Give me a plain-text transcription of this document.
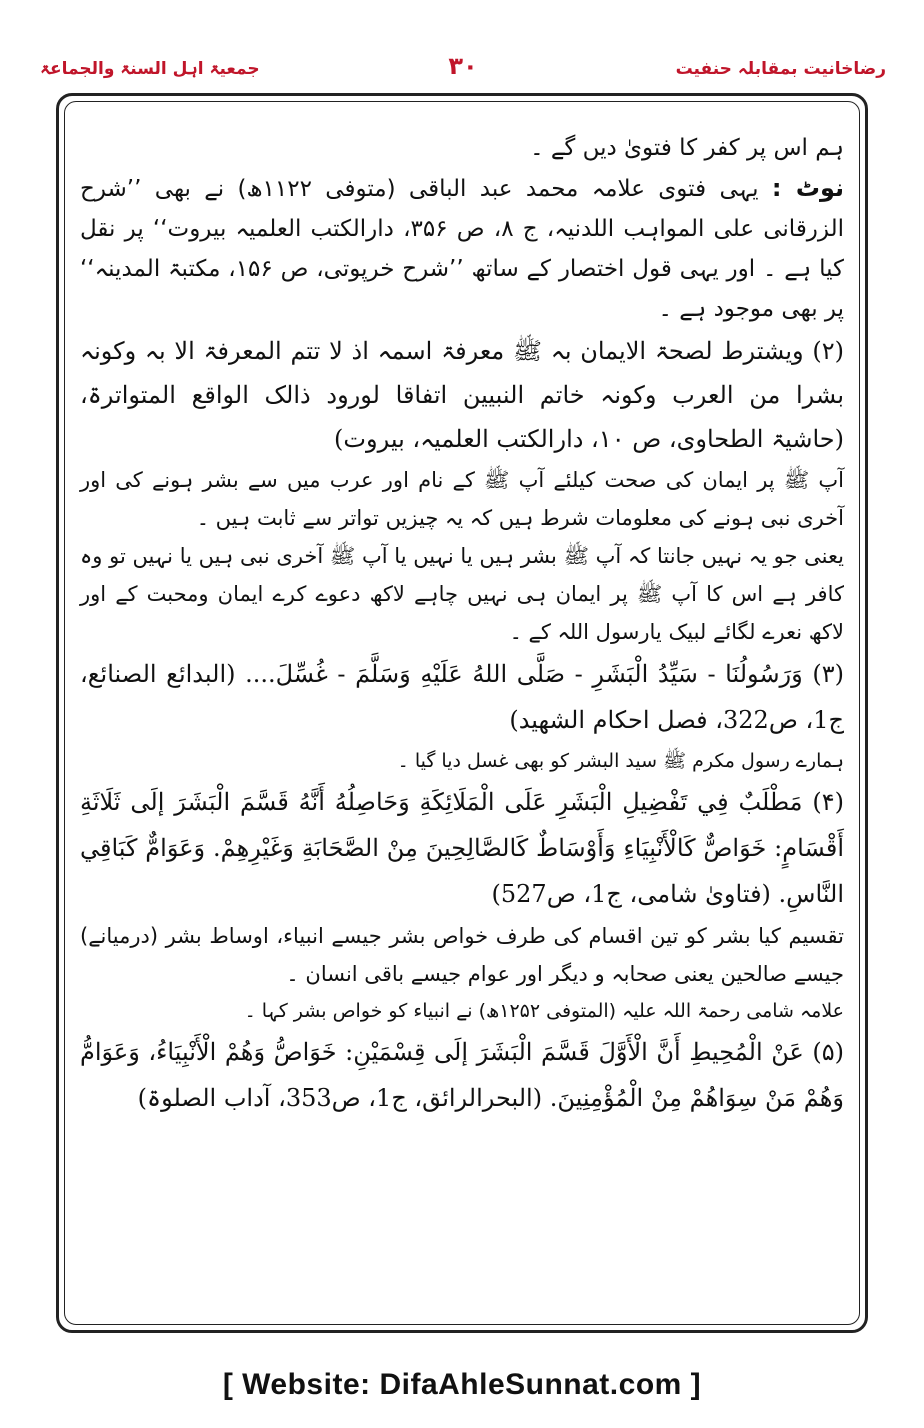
رضاخانیت بمقابلہ حنفیت
۳۰
جمعیۃ اہل السنۃ والجماعۃ

ہم اس پر کفر کا فتویٰ دیں گے ۔

نوٹ : یہی فتوی علامہ محمد عبد الباقی (متوفی ۱۱۲۲ھ) نے بھی ’’شرح الزرقانی علی المواہب اللدنیہ، ج ۸، ص ۳۵۶، دارالکتب العلمیہ بیروت‘‘ پر نقل کیا ہے ۔ اور یہی قول اختصار کے ساتھ ’’شرح خرپوتی، ص ۱۵۶، مکتبۃ المدینہ‘‘ پر بھی موجود ہے ۔

(۲) ویشترط لصحۃ الایمان بہ ﷺ معرفۃ اسمہ اذ لا تتم المعرفۃ الا بہ وکونہ بشرا من العرب وکونہ خاتم النبیین اتفاقا لورود ذالک الواقع المتواترۃ، (حاشیۃ الطحاوی، ص ۱۰، دارالکتب العلمیہ، بیروت)

آپ ﷺ پر ایمان کی صحت کیلئے آپ ﷺ کے نام اور عرب میں سے بشر ہونے کی اور آخری نبی ہونے کی معلومات شرط ہیں کہ یہ چیزیں تواتر سے ثابت ہیں ۔

یعنی جو یہ نہیں جانتا کہ آپ ﷺ بشر ہیں یا نہیں یا آپ ﷺ آخری نبی ہیں یا نہیں تو وہ کافر ہے اس کا آپ ﷺ پر ایمان ہی نہیں چاہے لاکھ دعوے کرے ایمان ومحبت کے اور لاکھ نعرے لگائے لبیک یارسول اللہ کے ۔

(۳) وَرَسُولُنَا - سَيِّدُ الْبَشَرِ - صَلَّى اللهُ عَلَيْهِ وَسَلَّمَ - غُسِّلَ.... (البدائع الصنائع، ج1، ص322، فصل احکام الشھید)

ہمارے رسول مکرم ﷺ سید البشر کو بھی غسل دیا گیا ۔

(۴) مَطْلَبٌ فِي تَفْضِيلِ الْبَشَرِ عَلَى الْمَلَائِكَةِ وَحَاصِلُهُ أَنَّهُ قَسَّمَ الْبَشَرَ إلَى ثَلَاثَةِ أَقْسَامٍ: خَوَاصٌّ كَالْأَنْبِيَاءِ وَأَوْسَاطٌ كَالصَّالِحِينَ مِنْ الصَّحَابَةِ وَغَيْرِهِمْ. وَعَوَامٌّ كَبَاقِي النَّاسِ. (فتاویٰ شامی، ج1، ص527)

تقسیم کیا بشر کو تین اقسام کی طرف خواص بشر جیسے انبیاء، اوساط بشر (درمیانے) جیسے صالحین یعنی صحابہ و دیگر اور عوام جیسے باقی انسان ۔

علامہ شامی رحمۃ اللہ علیہ (المتوفی ۱۲۵۲ھ) نے انبیاء کو خواص بشر کہا ۔

(۵) عَنْ الْمُحِيطِ أَنَّ الْأَوَّلَ قَسَّمَ الْبَشَرَ إلَى قِسْمَيْنِ: خَوَاصُّ وَهُمْ الْأَنْبِيَاءُ، وَعَوَامُّ وَهُمْ مَنْ سِوَاهُمْ مِنْ الْمُؤْمِنِينَ. (البحرالرائق، ج1، ص353، آداب الصلوۃ)

[ Website: DifaAhleSunnat.com ]
